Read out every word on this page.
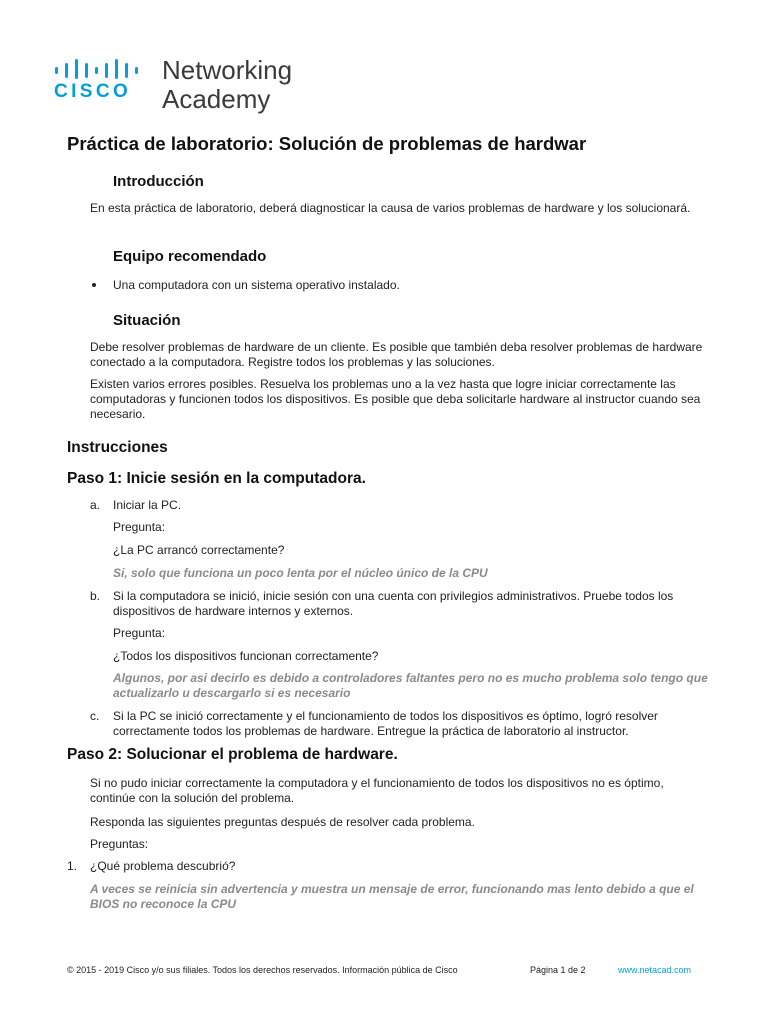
CISCO
Networking
Academy
Práctica de laboratorio: Solución de problemas de hardwar
Introducción
En esta práctica de laboratorio, deberá diagnosticar la causa de varios problemas de hardware y los solucionará.
Equipo recomendado
Una computadora con un sistema operativo instalado.
Situación
Debe resolver problemas de hardware de un cliente. Es posible que también deba resolver problemas de hardware conectado a la computadora. Registre todos los problemas y las soluciones.
Existen varios errores posibles. Resuelva los problemas uno a la vez hasta que logre iniciar correctamente las computadoras y funcionen todos los dispositivos. Es posible que deba solicitarle hardware al instructor cuando sea necesario.
Instrucciones
Paso 1: Inicie sesión en la computadora.
a. Iniciar la PC.
Pregunta:
¿La PC arrancó correctamente?
Si, solo que funciona un poco lenta por el núcleo único de la CPU
b. Si la computadora se inició, inicie sesión con una cuenta con privilegios administrativos. Pruebe todos los dispositivos de hardware internos y externos.
Pregunta:
¿Todos los dispositivos funcionan correctamente?
Algunos, por asi decirlo es debido a controladores faltantes pero no es mucho problema solo tengo que actualizarlo u descargarlo si es necesario
c. Si la PC se inició correctamente y el funcionamiento de todos los dispositivos es óptimo, logró resolver correctamente todos los problemas de hardware. Entregue la práctica de laboratorio al instructor.
Paso 2: Solucionar el problema de hardware.
Si no pudo iniciar correctamente la computadora y el funcionamiento de todos los dispositivos no es óptimo, continúe con la solución del problema.
Responda las siguientes preguntas después de resolver cada problema.
Preguntas:
1. ¿Qué problema descubrió?
A veces se reinicia sin advertencia y muestra un mensaje de error, funcionando mas lento debido a que el BIOS no reconoce la CPU
© 2015 - 2019 Cisco y/o sus filiales. Todos los derechos reservados. Información pública de Cisco	Página 1 de 2	www.netacad.com
